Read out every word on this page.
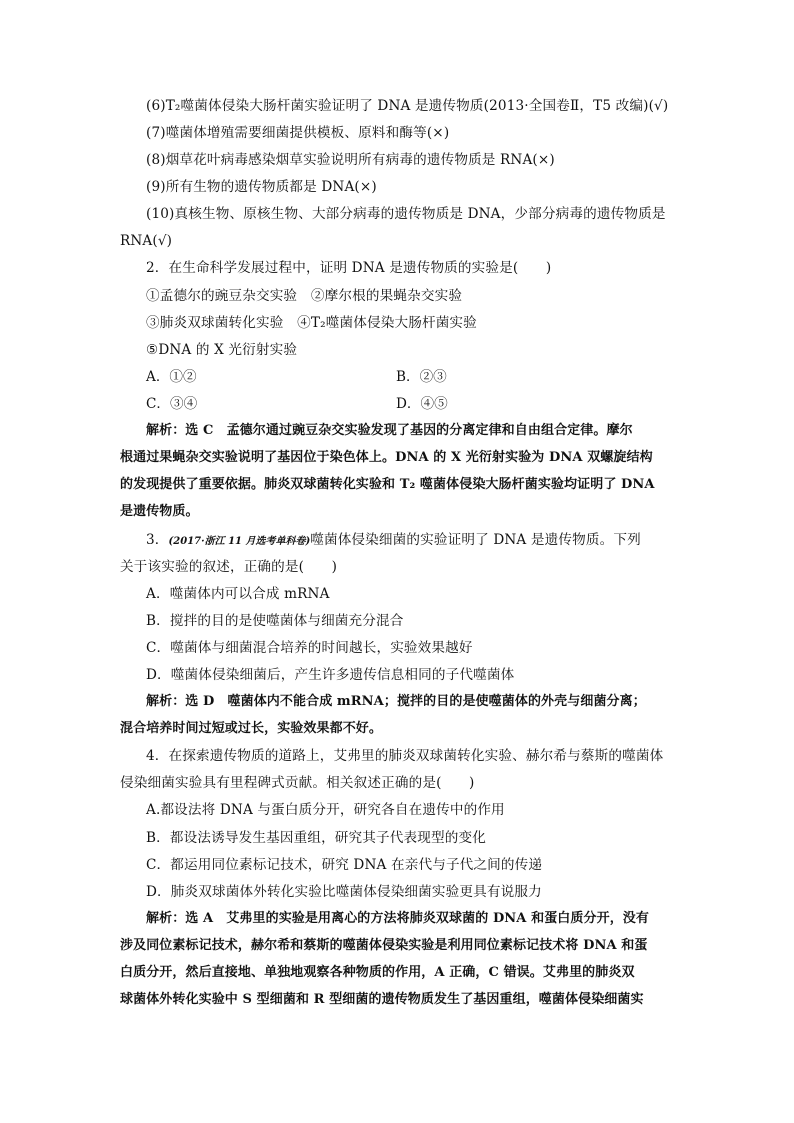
(6)T₂噬菌体侵染大肠杆菌实验证明了 DNA 是遗传物质(2013·全国卷Ⅱ，T5 改编)(√)
(7)噬菌体增殖需要细菌提供模板、原料和酶等(×)
(8)烟草花叶病毒感染烟草实验说明所有病毒的遗传物质是 RNA(×)
(9)所有生物的遗传物质都是 DNA(×)
(10)真核生物、原核生物、大部分病毒的遗传物质是 DNA，少部分病毒的遗传物质是
RNA(√)
2．在生命科学发展过程中，证明 DNA 是遗传物质的实验是(　　)
①孟德尔的豌豆杂交实验　②摩尔根的果蝇杂交实验
③肺炎双球菌转化实验　④T₂噬菌体侵染大肠杆菌实验
⑤DNA 的 X 光衍射实验
A．①②	B．②③
C．③④	D．④⑤
解析：选 C　孟德尔通过豌豆杂交实验发现了基因的分离定律和自由组合定律。摩尔
根通过果蝇杂交实验说明了基因位于染色体上。DNA 的 X 光衍射实验为 DNA 双螺旋结构
的发现提供了重要依据。肺炎双球菌转化实验和 T₂ 噬菌体侵染大肠杆菌实验均证明了 DNA
是遗传物质。
3．(2017·浙江 11 月选考单科卷)噬菌体侵染细菌的实验证明了 DNA 是遗传物质。下列
关于该实验的叙述，正确的是(　　)
A．噬菌体内可以合成 mRNA
B．搅拌的目的是使噬菌体与细菌充分混合
C．噬菌体与细菌混合培养的时间越长，实验效果越好
D．噬菌体侵染细菌后，产生许多遗传信息相同的子代噬菌体
解析：选 D　噬菌体内不能合成 mRNA；搅拌的目的是使噬菌体的外壳与细菌分离；
混合培养时间过短或过长，实验效果都不好。
4．在探索遗传物质的道路上，艾弗里的肺炎双球菌转化实验、赫尔希与蔡斯的噬菌体
侵染细菌实验具有里程碑式贡献。相关叙述正确的是(　　)
A.都设法将 DNA 与蛋白质分开，研究各自在遗传中的作用
B．都设法诱导发生基因重组，研究其子代表现型的变化
C．都运用同位素标记技术，研究 DNA 在亲代与子代之间的传递
D．肺炎双球菌体外转化实验比噬菌体侵染细菌实验更具有说服力
解析：选 A　艾弗里的实验是用离心的方法将肺炎双球菌的 DNA 和蛋白质分开，没有
涉及同位素标记技术，赫尔希和蔡斯的噬菌体侵染实验是利用同位素标记技术将 DNA 和蛋
白质分开，然后直接地、单独地观察各种物质的作用，A 正确，C 错误。艾弗里的肺炎双
球菌体外转化实验中 S 型细菌和 R 型细菌的遗传物质发生了基因重组，噬菌体侵染细菌实
